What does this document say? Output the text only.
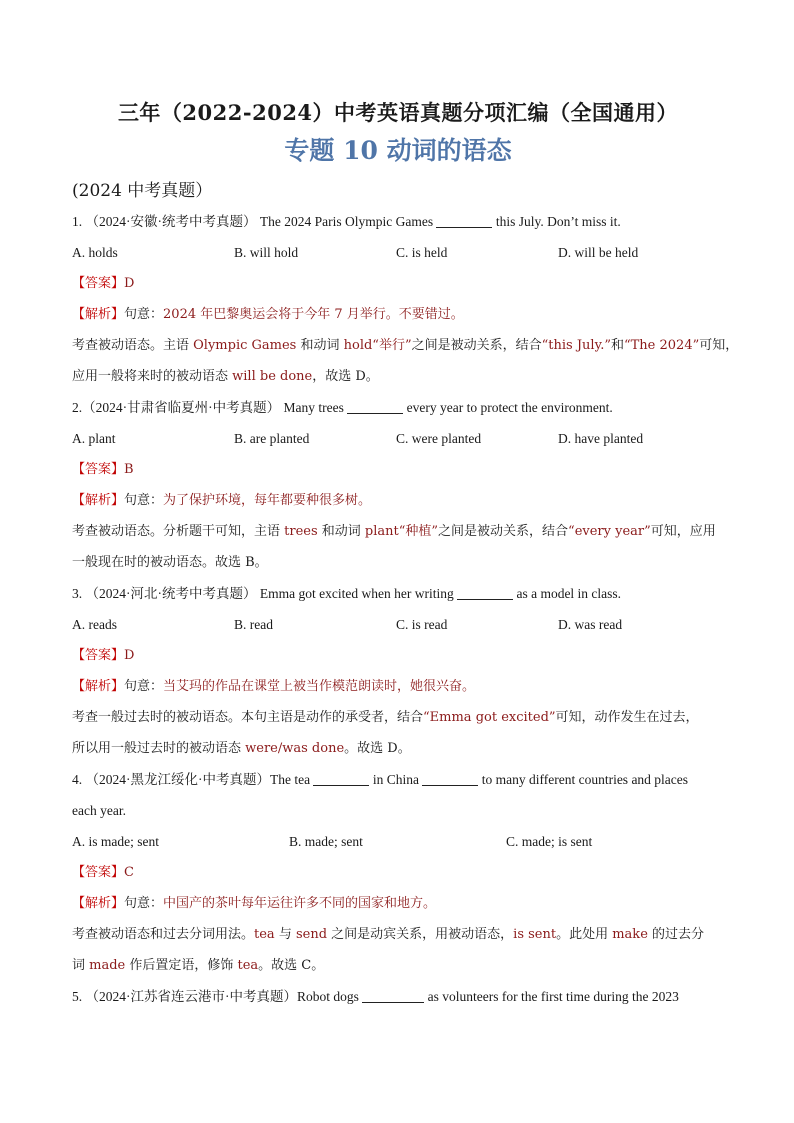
三年（2022-2024）中考英语真题分项汇编（全国通用）
专题 10 动词的语态
(2024 中考真题）
1. （2024·安徽·统考中考真题） The 2024 Paris Olympic Games	this July. Don’t miss it.
A. holds	B. will hold	C. is held	D. will be held
【答案】D
【解析】句意：2024 年巴黎奥运会将于今年 7 月举行。不要错过。
考查被动语态。主语 Olympic Games 和动词 hold“举行”之间是被动关系，结合“this July.”和“The 2024”可知，
应用一般将来时的被动语态 will be done，故选 D。
2.（2024·甘肃省临夏州·中考真题） Many trees	every year to protect the environment.
A. plant	B. are planted	C. were planted	D. have planted
【答案】B
【解析】句意：为了保护环境，每年都要种很多树。
考查被动语态。分析题干可知，主语 trees 和动词 plant“种植”之间是被动关系，结合“every year”可知，应用
一般现在时的被动语态。故选 B。
3. （2024·河北·统考中考真题） Emma got excited when her writing	as a model in class.
A. reads	B. read	C. is read	D. was read
【答案】D
【解析】句意：当艾玛的作品在课堂上被当作模范朗读时，她很兴奋。
考查一般过去时的被动语态。本句主语是动作的承受者，结合“Emma got excited”可知，动作发生在过去，
所以用一般过去时的被动语态 were/was done。故选 D。
4. （2024·黑龙江绥化·中考真题）The tea	in China	to many different countries and places
each year.
A. is made; sent	B. made; sent	C. made; is sent
【答案】C
【解析】句意：中国产的茶叶每年运往许多不同的国家和地方。
考查被动语态和过去分词用法。tea 与 send 之间是动宾关系，用被动语态，is sent。此处用 make 的过去分
词 made 作后置定语，修饰 tea。故选 C。
5. （2024·江苏省连云港市·中考真题）Robot dogs	as volunteers for the first time during the 2023
